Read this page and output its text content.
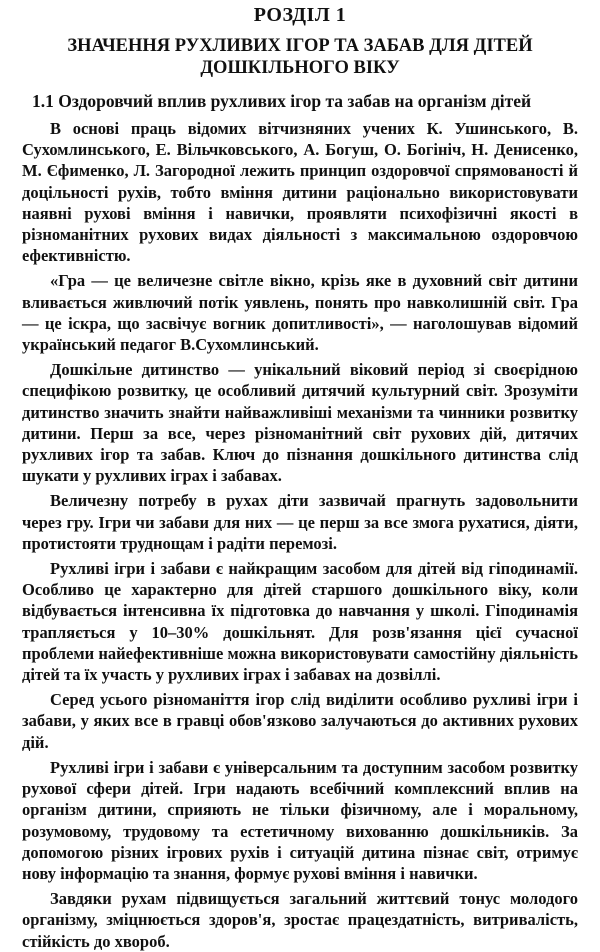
РОЗДІЛ 1
ЗНАЧЕННЯ РУХЛИВИХ ІГОР ТА ЗАБАВ ДЛЯ ДІТЕЙ
ДОШКІЛЬНОГО ВІКУ
1.1 Оздоровчий вплив рухливих ігор та забав на організм дітей

В основі праць відомих вітчизняних учених К. Ушинського, В. Сухомлинського, Е. Вільчковського, А. Богуш, О. Богініч, Н. Денисенко, М. Єфименко, Л. Загородної лежить принцип оздоровчої спрямованості й доцільності рухів, тобто вміння дитини раціонально використовувати наявні рухові вміння і навички, проявляти психофізичні якості в різноманітних рухових видах діяльності з максимальною оздоровчою ефективністю.

«Гра — це величезне світле вікно, крізь яке в духовний світ дитини вливається живлючий потік уявлень, понять про навколишній світ. Гра — це іскра, що засвічує вогник допитливості», — наголошував відомий український педагог В.Сухомлинський.

Дошкільне дитинство — унікальний віковий період зі своєрідною специфікою розвитку, це особливий дитячий культурний світ. Зрозуміти дитинство значить знайти найважливіші механізми та чинники розвитку дитини. Перш за все, через різноманітний світ рухових дій, дитячих рухливих ігор та забав. Ключ до пізнання дошкільного дитинства слід шукати у рухливих іграх і забавах.

Величезну потребу в рухах діти зазвичай прагнуть задовольнити через гру. Ігри чи забави для них — це перш за все змога рухатися, діяти, протистояти труднощам і радіти перемозі.

Рухливі ігри і забави є найкращим засобом для дітей від гіподинамії. Особливо це характерно для дітей старшого дошкільного віку, коли відбувається інтенсивна їх підготовка до навчання у школі. Гіподинамія трапляється у 10–30% дошкільнят. Для розв'язання цієї сучасної проблеми найефективніше можна використовувати самостійну діяльність дітей та їх участь у рухливих іграх і забавах на дозвіллі.

Серед усього різноманіття ігор слід виділити особливо рухливі ігри і забави, у яких все в гравці обов'язково залучаються до активних рухових дій.

Рухливі ігри і забави є універсальним та доступним засобом розвитку рухової сфери дітей. Ігри надають всебічний комплексний вплив на організм дитини, сприяють не тільки фізичному, але і моральному, розумовому, трудовому та естетичному вихованню дошкільників. За допомогою різних ігрових рухів і ситуацій дитина пізнає світ, отримує нову інформацію та знання, формує рухові вміння і навички.

Завдяки рухам підвищується загальний життєвий тонус молодого організму, зміцнюється здоров'я, зростає працездатність, витривалість, стійкість до хвороб.
